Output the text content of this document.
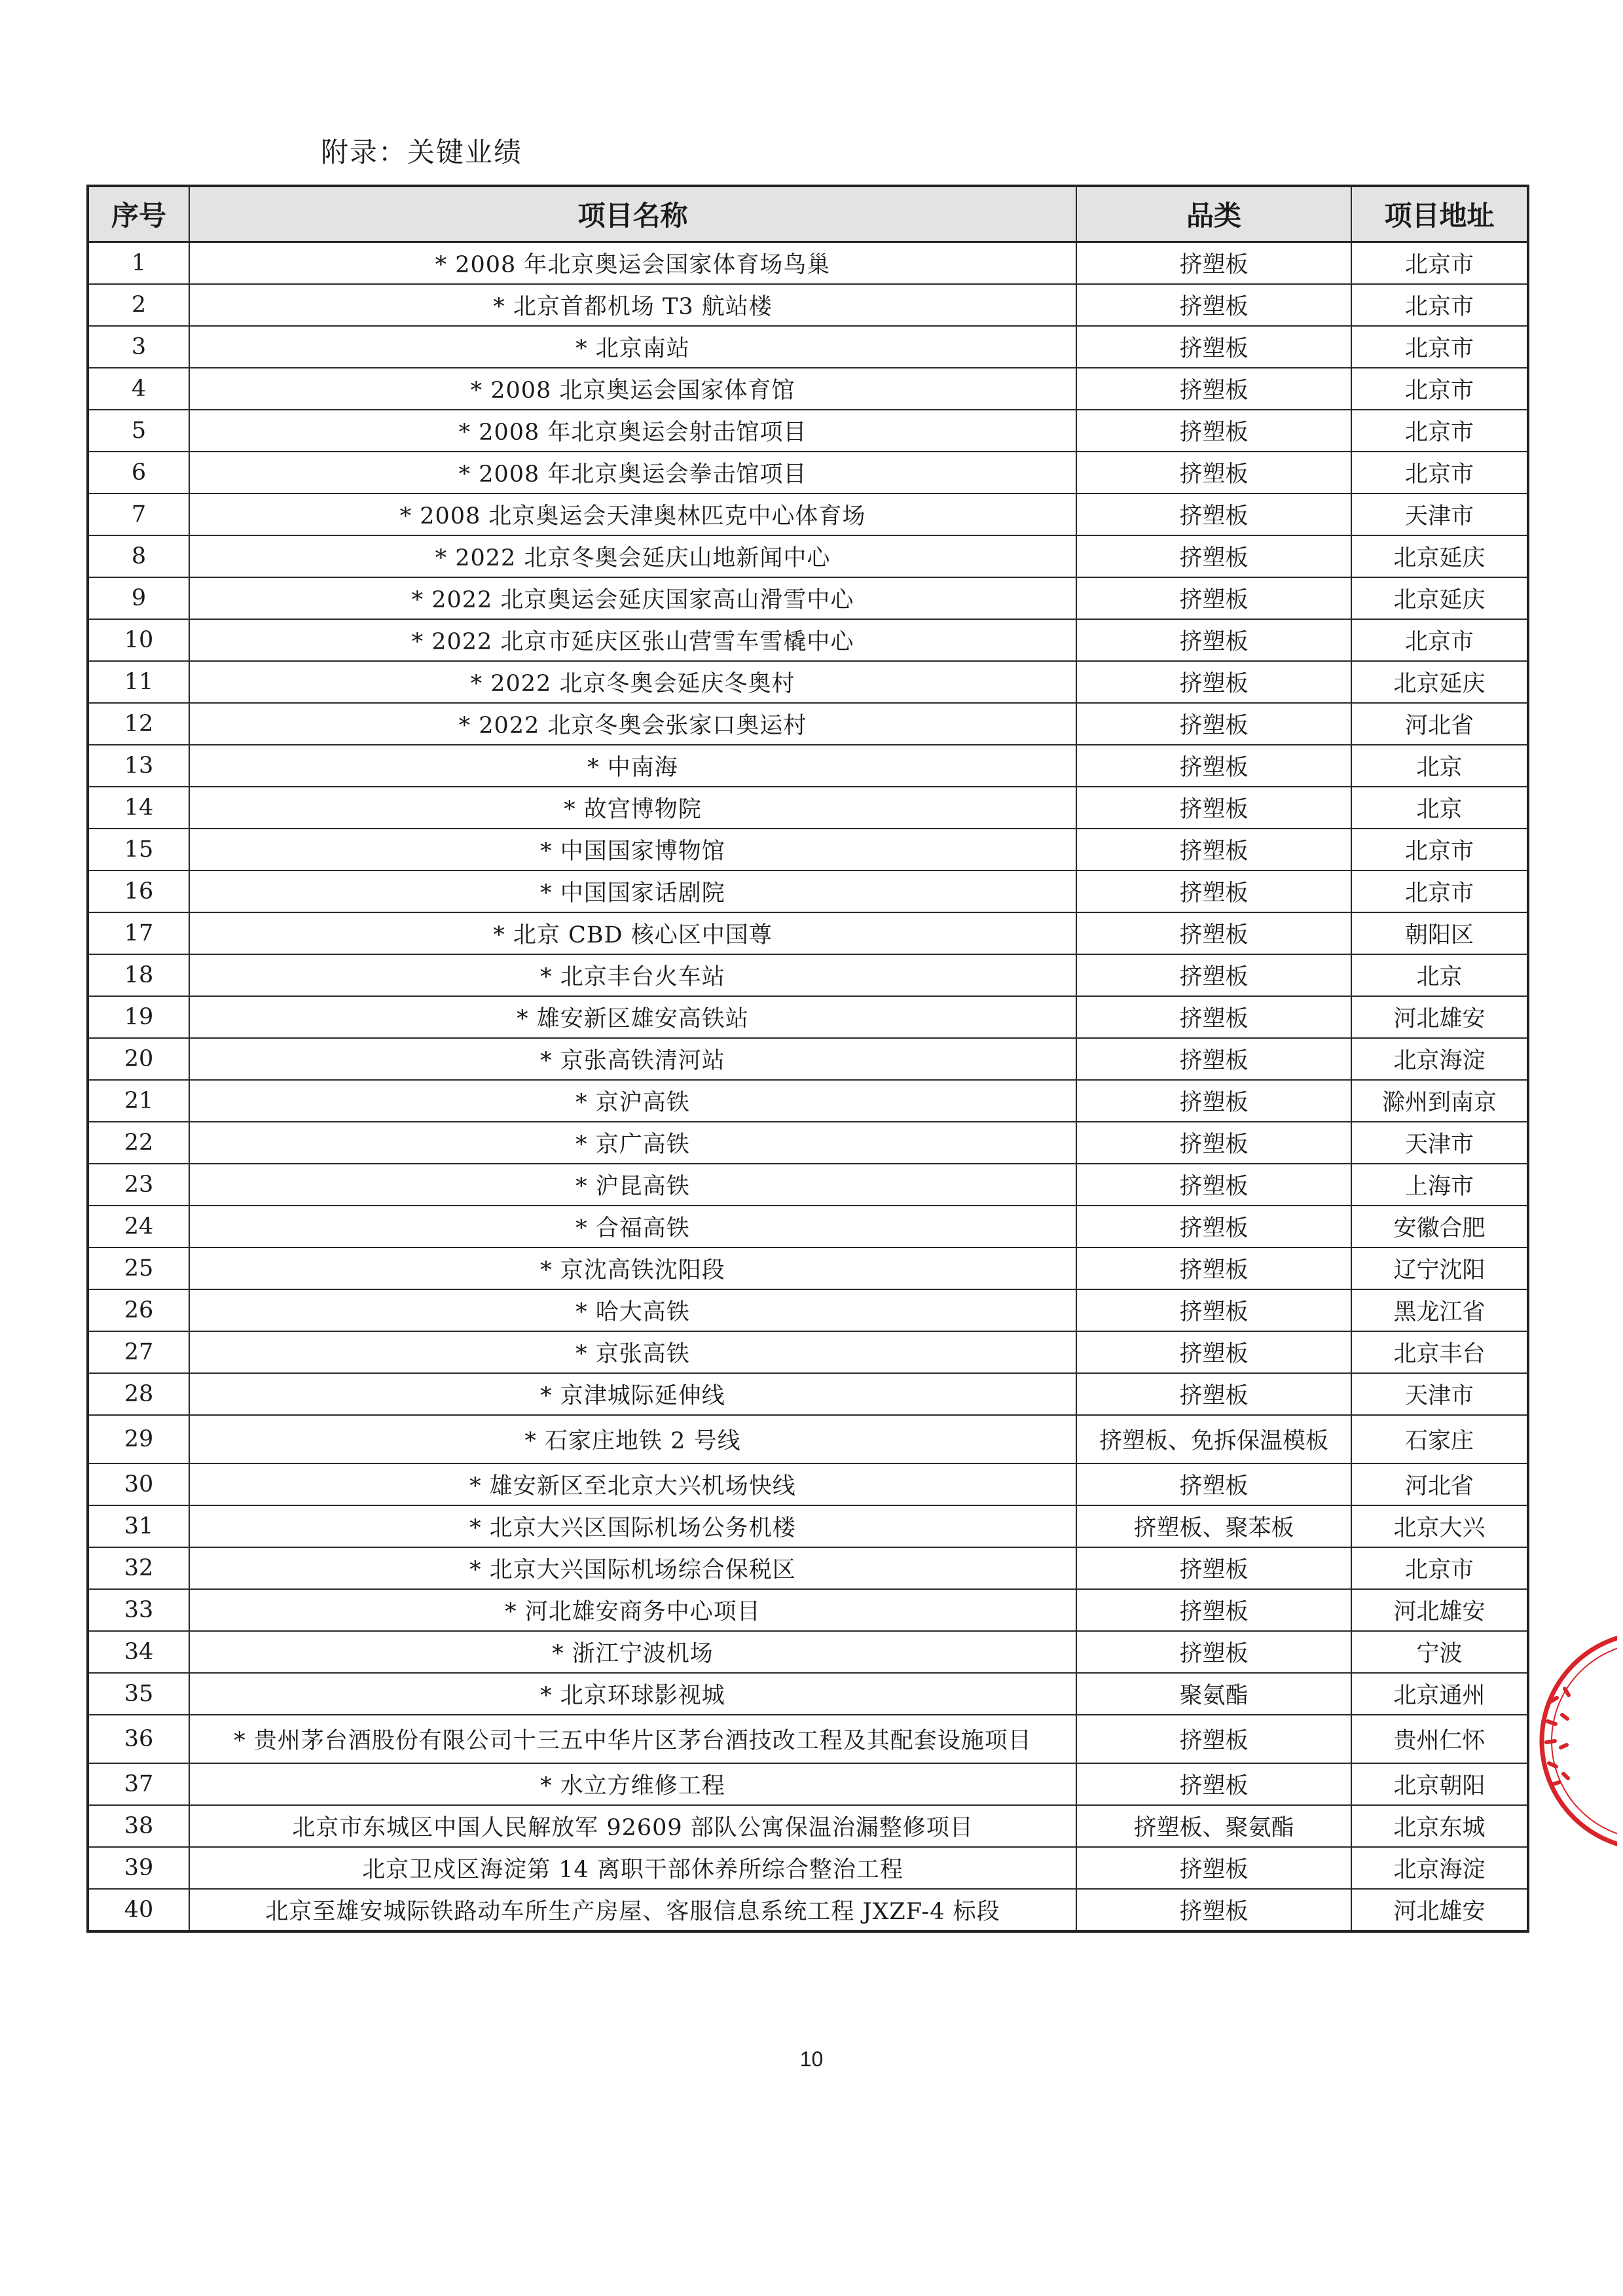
附录：关键业绩
序号	项目名称	品类	项目地址
1	* 2008 年北京奥运会国家体育场鸟巢	挤塑板	北京市
2	* 北京首都机场 T3 航站楼	挤塑板	北京市
3	* 北京南站	挤塑板	北京市
4	* 2008 北京奥运会国家体育馆	挤塑板	北京市
5	* 2008 年北京奥运会射击馆项目	挤塑板	北京市
6	* 2008 年北京奥运会拳击馆项目	挤塑板	北京市
7	* 2008 北京奥运会天津奥林匹克中心体育场	挤塑板	天津市
8	* 2022 北京冬奥会延庆山地新闻中心	挤塑板	北京延庆
9	* 2022 北京奥运会延庆国家高山滑雪中心	挤塑板	北京延庆
10	* 2022 北京市延庆区张山营雪车雪橇中心	挤塑板	北京市
11	* 2022 北京冬奥会延庆冬奥村	挤塑板	北京延庆
12	* 2022 北京冬奥会张家口奥运村	挤塑板	河北省
13	* 中南海	挤塑板	北京
14	* 故宫博物院	挤塑板	北京
15	* 中国国家博物馆	挤塑板	北京市
16	* 中国国家话剧院	挤塑板	北京市
17	* 北京 CBD 核心区中国尊	挤塑板	朝阳区
18	* 北京丰台火车站	挤塑板	北京
19	* 雄安新区雄安高铁站	挤塑板	河北雄安
20	* 京张高铁清河站	挤塑板	北京海淀
21	* 京沪高铁	挤塑板	滁州到南京
22	* 京广高铁	挤塑板	天津市
23	* 沪昆高铁	挤塑板	上海市
24	* 合福高铁	挤塑板	安徽合肥
25	* 京沈高铁沈阳段	挤塑板	辽宁沈阳
26	* 哈大高铁	挤塑板	黑龙江省
27	* 京张高铁	挤塑板	北京丰台
28	* 京津城际延伸线	挤塑板	天津市
29	* 石家庄地铁 2 号线	挤塑板、免拆保温模板	石家庄
30	* 雄安新区至北京大兴机场快线	挤塑板	河北省
31	* 北京大兴区国际机场公务机楼	挤塑板、聚苯板	北京大兴
32	* 北京大兴国际机场综合保税区	挤塑板	北京市
33	* 河北雄安商务中心项目	挤塑板	河北雄安
34	* 浙江宁波机场	挤塑板	宁波
35	* 北京环球影视城	聚氨酯	北京通州
36	* 贵州茅台酒股份有限公司十三五中华片区茅台酒技改工程及其配套设施项目	挤塑板	贵州仁怀
37	* 水立方维修工程	挤塑板	北京朝阳
38	北京市东城区中国人民解放军 92609 部队公寓保温治漏整修项目	挤塑板、聚氨酯	北京东城
39	北京卫戍区海淀第 14 离职干部休养所综合整治工程	挤塑板	北京海淀
40	北京至雄安城际铁路动车所生产房屋、客服信息系统工程 JXZF-4 标段	挤塑板	河北雄安
10
